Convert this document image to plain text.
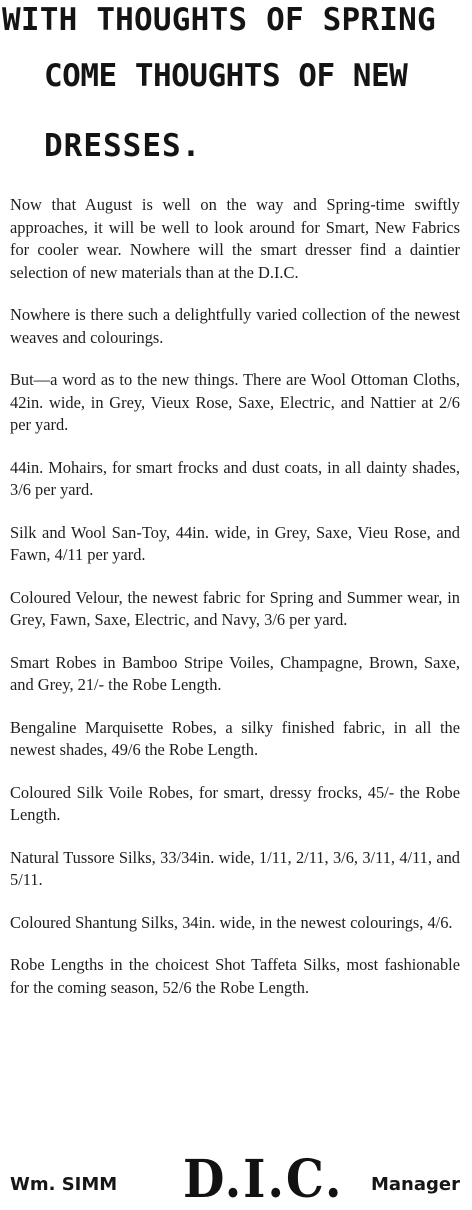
WITH THOUGHTS OF SPRING
COME THOUGHTS OF NEW
DRESSES.

Now that August is well on the way and Spring-time swiftly approaches, it will be well to look around for Smart, New Fabrics for cooler wear. Nowhere will the smart dresser find a daintier selection of new materials than at the D.I.C.

Nowhere is there such a delightfully varied collection of the newest weaves and colourings.

But—a word as to the new things. There are Wool Ottoman Cloths, 42in. wide, in Grey, Vieux Rose, Saxe, Electric, and Nattier at 2/6 per yard.

44in. Mohairs, for smart frocks and dust coats, in all dainty shades, 3/6 per yard.

Silk and Wool San-Toy, 44in. wide, in Grey, Saxe, Vieu Rose, and Fawn, 4/11 per yard.

Coloured Velour, the newest fabric for Spring and Summer wear, in Grey, Fawn, Saxe, Electric, and Navy, 3/6 per yard.

Smart Robes in Bamboo Stripe Voiles, Champagne, Brown, Saxe, and Grey, 21/- the Robe Length.

Bengaline Marquisette Robes, a silky finished fabric, in all the newest shades, 49/6 the Robe Length.

Coloured Silk Voile Robes, for smart, dressy frocks, 45/- the Robe Length.

Natural Tussore Silks, 33/34in. wide, 1/11, 2/11, 3/6, 3/11, 4/11, and 5/11.

Coloured Shantung Silks, 34in. wide, in the newest colourings, 4/6.

Robe Lengths in the choicest Shot Taffeta Silks, most fashionable for the coming season, 52/6 the Robe Length.

Wm. SIMM D.I.C. Manager
